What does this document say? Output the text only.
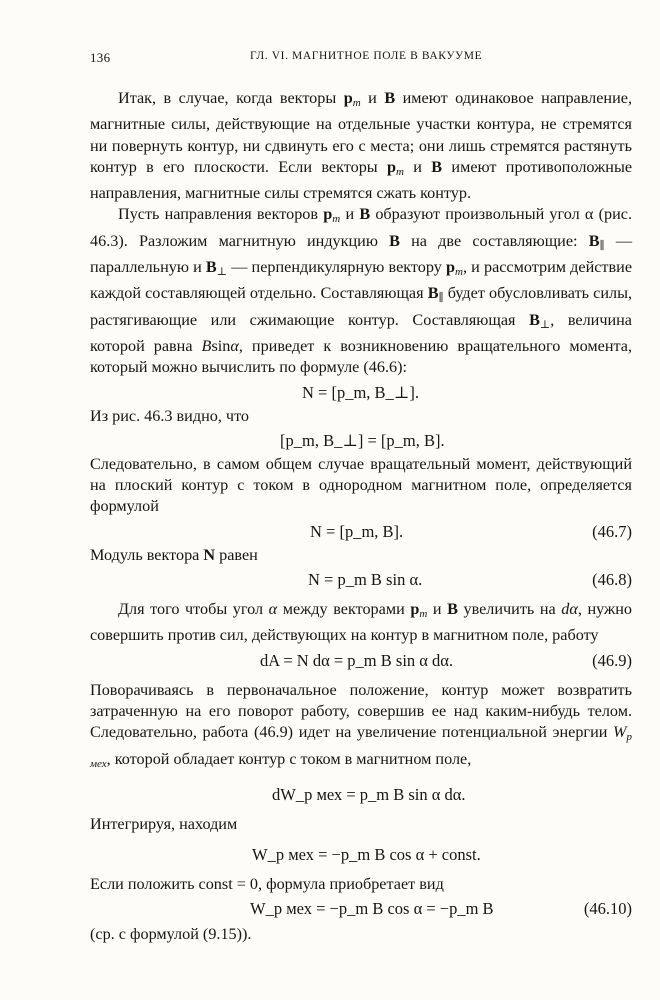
136	ГЛ. VI. МАГНИТНОЕ ПОЛЕ В ВАКУУМЕ

Итак, в случае, когда векторы $p_m$ и B имеют одинаковое направление, магнитные силы, действующие на отдельные участки контура, не стремятся ни повернуть контур, ни сдвинуть его с места; они лишь стремятся растянуть контур в его плоскости. Если векторы $p_m$ и B имеют противоположные направления, магнитные силы стремятся сжать контур.

Пусть направления векторов $p_m$ и B образуют произвольный угол α (рис. 46.3). Разложим магнитную индукцию B на две составляющие: $B_\parallel$ — параллельную и $B_\perp$ — перпендикулярную вектору $p_m$, и рассмотрим действие каждой составляющей отдельно. Составляющая $B_\parallel$ будет обусловливать силы, растягивающие или сжимающие контур. Составляющая $B_\perp$, величина которой равна Bsinα, приведет к возникновению вращательного момента, который можно вычислить по формуле (46.6):

N = [p_m, B_⊥].

Из рис. 46.3 видно, что

[p_m, B_⊥] = [p_m, B].

Следовательно, в самом общем случае вращательный момент, действующий на плоский контур с током в однородном магнитном поле, определяется формулой

N = [p_m, B].	(46.7)

Модуль вектора N равен

N = p_m B sin α.	(46.8)

Для того чтобы угол α между векторами $p_m$ и B увеличить на dα, нужно совершить против сил, действующих на контур в магнитном поле, работу

dA = N dα = p_m B sin α dα.	(46.9)

Поворачиваясь в первоначальное положение, контур может возвратить затраченную на его поворот работу, совершив ее над каким-нибудь телом. Следовательно, работа (46.9) идет на увеличение потенциальной энергии $W_{p мех}$, которой обладает контур с током в магнитном поле,

dW_p мех = p_m B sin α dα.

Интегрируя, находим

W_p мех = −p_m B cos α + const.

Если положить const = 0, формула приобретает вид

W_p мех = −p_m B cos α = −p_m B	(46.10)

(ср. с формулой (9.15)).
